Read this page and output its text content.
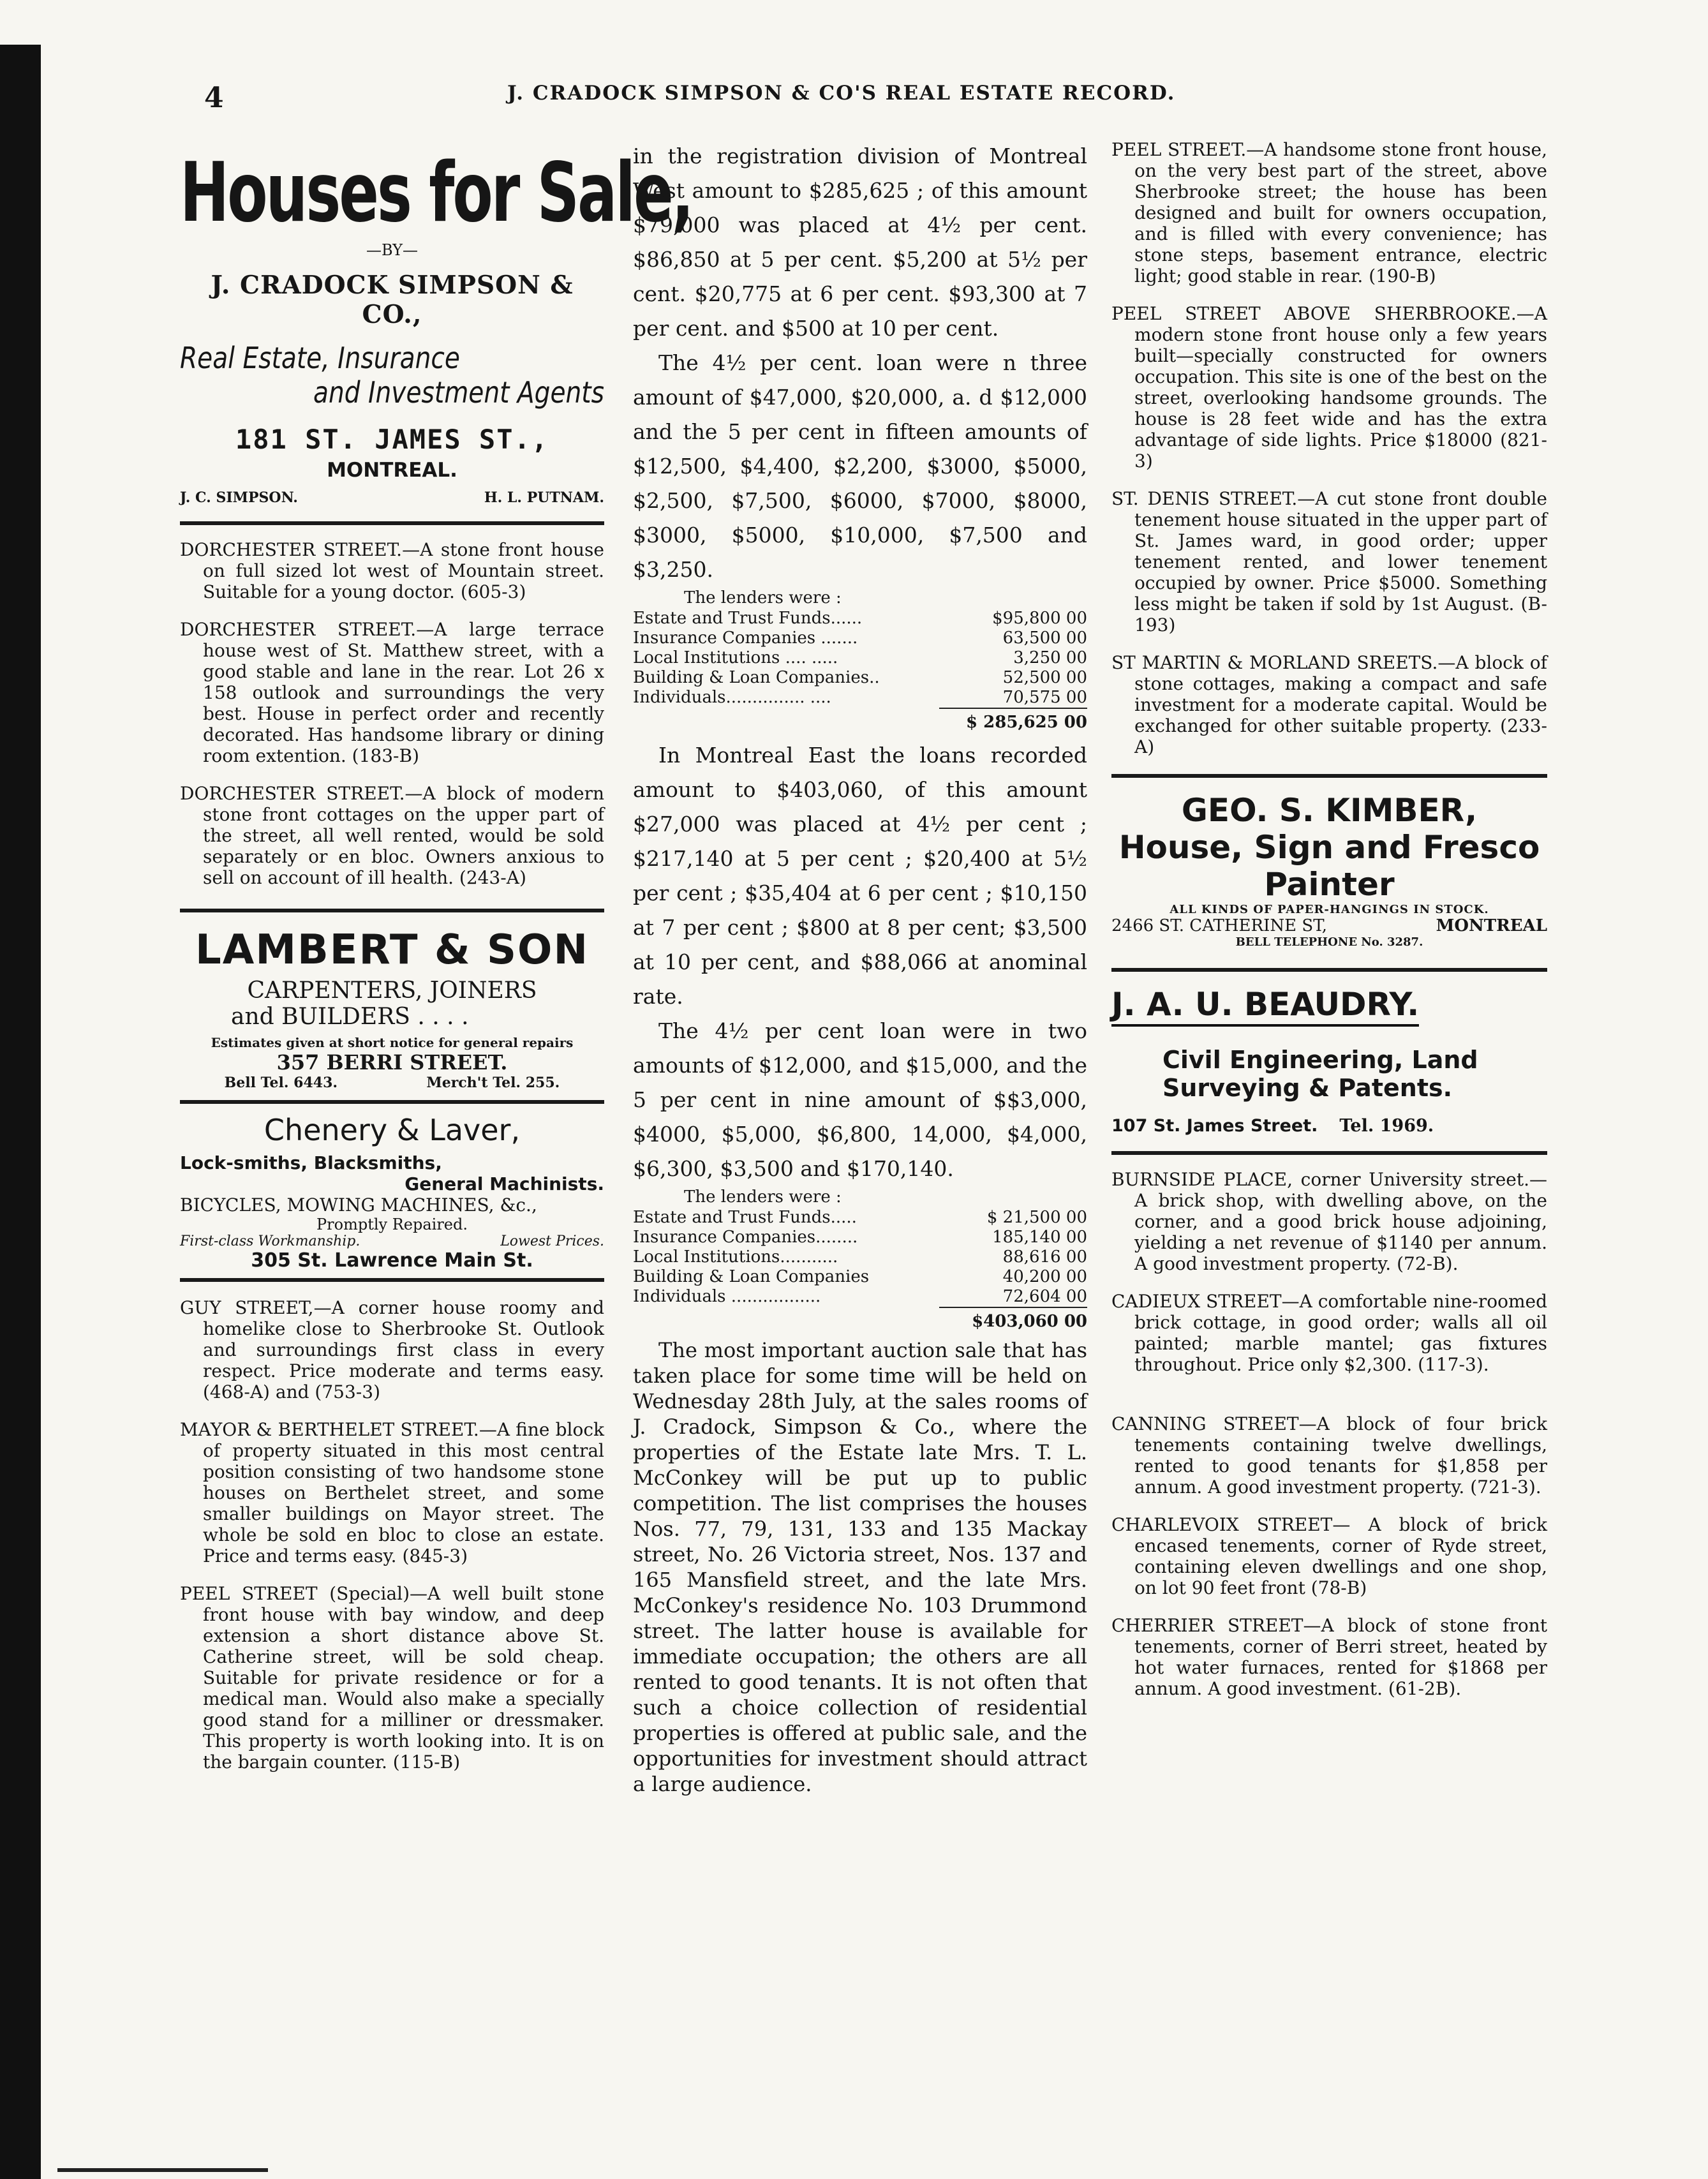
4	J. CRADOCK SIMPSON & CO'S REAL ESTATE RECORD.
Houses for Sale,
—BY—
J. CRADOCK SIMPSON & CO.,
Real Estate, Insurance
and Investment Agents
181 ST. JAMES ST.,
MONTREAL.
J. C. SIMPSON.	H. L. PUTNAM.
DORCHESTER STREET.—A stone front house on full sized lot west of Mountain street. Suitable for a young doctor. (605-3)
DORCHESTER STREET.—A large terrace house west of St. Matthew street, with a good stable and lane in the rear. Lot 26 x 158 outlook and surroundings the very best. House in perfect order and recently decorated. Has handsome library or dining room extention. (183-B)
DORCHESTER STREET.—A block of modern stone front cottages on the upper part of the street, all well rented, would be sold separately or en bloc. Owners anxious to sell on account of ill health. (243-A)
LAMBERT & SON
CARPENTERS, JOINERS
and BUILDERS . . . .
Estimates given at short notice for general repairs
357 BERRI STREET.
Bell Tel. 6443.	Merch't Tel. 255.
Chenery & Laver,
Lock-smiths, Blacksmiths,
General Machinists.
BICYCLES, MOWING MACHINES, &c.,
Promptly Repaired.
First-class Workmanship.	Lowest Prices.
305 St. Lawrence Main St.
GUY STREET,—A corner house roomy and homelike close to Sherbrooke St. Outlook and surroundings first class in every respect. Price moderate and terms easy. (468-A) and (753-3)
MAYOR & BERTHELET STREET.—A fine block of property situated in this most central position consisting of two handsome stone houses on Berthelet street, and some smaller buildings on Mayor street. The whole be sold en bloc to close an estate. Price and terms easy. (845-3)
PEEL STREET (Special)—A well built stone front house with bay window, and deep extension a short distance above St. Catherine street, will be sold cheap. Suitable for private residence or for a medical man. Would also make a specially good stand for a milliner or dressmaker. This property is worth looking into. It is on the bargain counter. (115-B)
in the registration division of Montreal West amount to $285,625 ; of this amount $79,000 was placed at 4½ per cent. $86,850 at 5 per cent. $5,200 at 5½ per cent. $20,775 at 6 per cent. $93,300 at 7 per cent. and $500 at 10 per cent.
The 4½ per cent. loan were n three amount of $47,000, $20,000, a. d $12,000 and the 5 per cent in fifteen amounts of $12,500, $4,400, $2,200, $3000, $5000, $2,500, $7,500, $6000, $7000, $8000, $3000, $5000, $10,000, $7,500 and $3,250.
The lenders were :
Estate and Trust Funds......	$95,800 00
Insurance Companies .......	63,500 00
Local Institutions .... .....	3,250 00
Building & Loan Companies..	52,500 00
Individuals............... ....	70,575 00
$ 285,625 00
In Montreal East the loans recorded amount to $403,060, of this amount $27,000 was placed at 4½ per cent ; $217,140 at 5 per cent ; $20,400 at 5½ per cent ; $35,404 at 6 per cent ; $10,150 at 7 per cent ; $800 at 8 per cent; $3,500 at 10 per cent, and $88,066 at anominal rate.
The 4½ per cent loan were in two amounts of $12,000, and $15,000, and the 5 per cent in nine amount of $$3,000, $4000, $5,000, $6,800, 14,000, $4,000, $6,300, $3,500 and $170,140.
The lenders were :
Estate and Trust Funds.....	$ 21,500 00
Insurance Companies........	185,140 00
Local Institutions...........	88,616 00
Building & Loan Companies	40,200 00
Individuals .................	72,604 00
$403,060 00
The most important auction sale that has taken place for some time will be held on Wednesday 28th July, at the sales rooms of J. Cradock, Simpson & Co., where the properties of the Estate late Mrs. T. L. McConkey will be put up to public competition. The list comprises the houses Nos. 77, 79, 131, 133 and 135 Mackay street, No. 26 Victoria street, Nos. 137 and 165 Mansfield street, and the late Mrs. McConkey's residence No. 103 Drummond street. The latter house is available for immediate occupation; the others are all rented to good tenants. It is not often that such a choice collection of residential properties is offered at public sale, and the opportunities for investment should attract a large audience.
PEEL STREET.—A handsome stone front house, on the very best part of the street, above Sherbrooke street; the house has been designed and built for owners occupation, and is filled with every convenience; has stone steps, basement entrance, electric light; good stable in rear. (190-B)
PEEL STREET ABOVE SHERBROOKE.—A modern stone front house only a few years built—specially constructed for owners occupation. This site is one of the best on the street, overlooking handsome grounds. The house is 28 feet wide and has the extra advantage of side lights. Price $18000 (821-3)
ST. DENIS STREET.—A cut stone front double tenement house situated in the upper part of St. James ward, in good order; upper tenement rented, and lower tenement occupied by owner. Price $5000. Something less might be taken if sold by 1st August. (B-193)
ST MARTIN & MORLAND SREETS.—A block of stone cottages, making a compact and safe investment for a moderate capital. Would be exchanged for other suitable property. (233-A)
GEO. S. KIMBER,
House, Sign and Fresco
Painter
ALL KINDS OF PAPER-HANGINGS IN STOCK.
2466 ST. CATHERINE ST,	MONTREAL
BELL TELEPHONE No. 3287.
J. A. U. BEAUDRY.
Civil Engineering, Land
Surveying & Patents.
107 St. James Street. Tel. 1969.
BURNSIDE PLACE, corner University street.—A brick shop, with dwelling above, on the corner, and a good brick house adjoining, yielding a net revenue of $1140 per annum. A good investment property. (72-B).
CADIEUX STREET—A comfortable nine-roomed brick cottage, in good order; walls all oil painted; marble mantel; gas fixtures throughout. Price only $2,300. (117-3).
CANNING STREET—A block of four brick tenements containing twelve dwellings, rented to good tenants for $1,858 per annum. A good investment property. (721-3).
CHARLEVOIX STREET— A block of brick encased tenements, corner of Ryde street, containing eleven dwellings and one shop, on lot 90 feet front (78-B)
CHERRIER STREET—A block of stone front tenements, corner of Berri street, heated by hot water furnaces, rented for $1868 per annum. A good investment. (61-2B).
